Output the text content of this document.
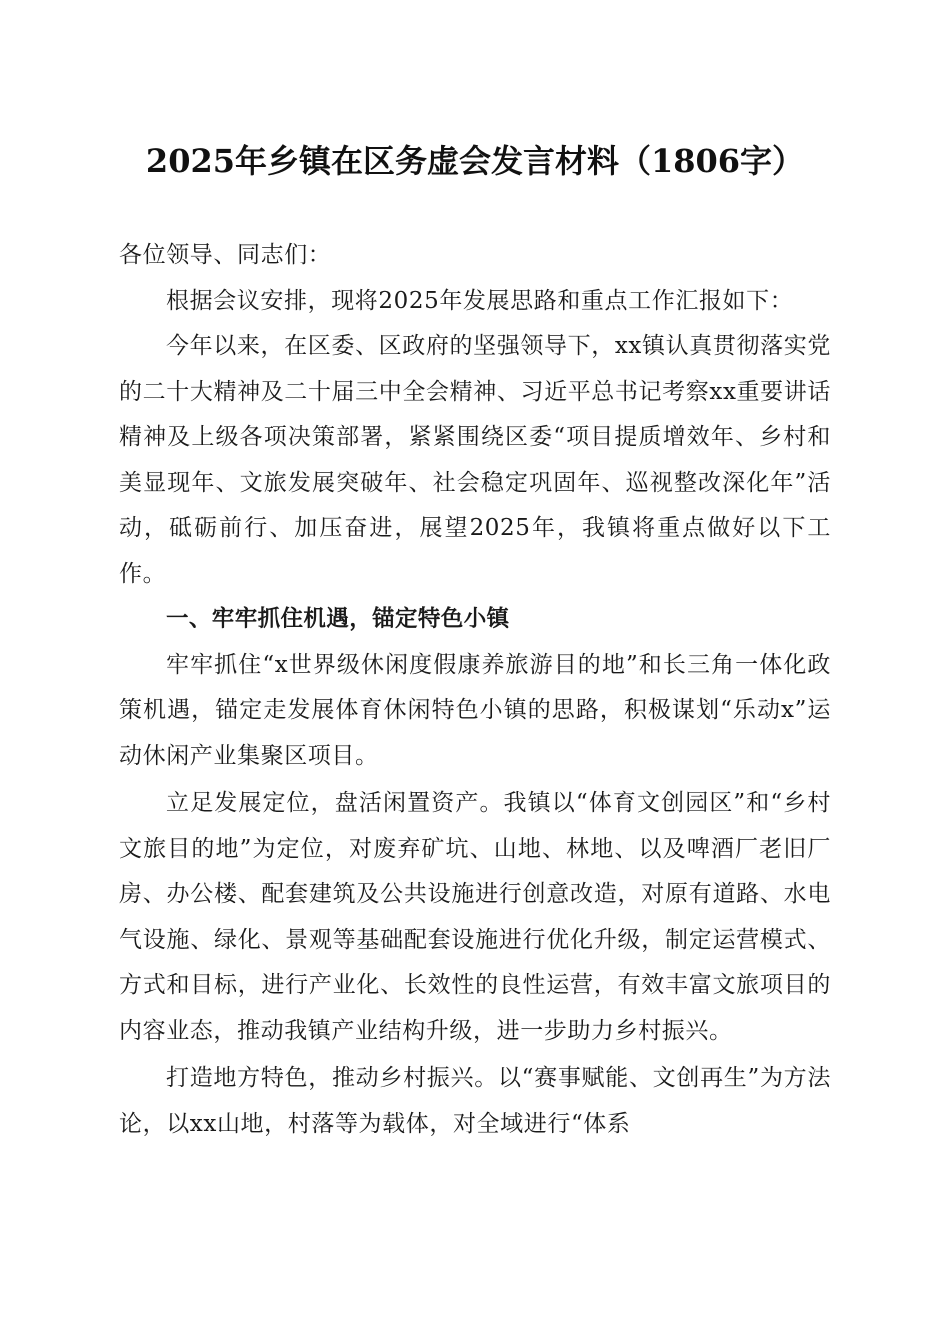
2025年乡镇在区务虚会发言材料（1806字）

各位领导、同志们：

根据会议安排，现将2025年发展思路和重点工作汇报如下：

今年以来，在区委、区政府的坚强领导下，xx镇认真贯彻落实党的二十大精神及二十届三中全会精神、习近平总书记考察xx重要讲话精神及上级各项决策部署，紧紧围绕区委“项目提质增效年、乡村和美显现年、文旅发展突破年、社会稳定巩固年、巡视整改深化年”活动，砥砺前行、加压奋进，展望2025年，我镇将重点做好以下工作。

一、牢牢抓住机遇，锚定特色小镇

牢牢抓住“x世界级休闲度假康养旅游目的地”和长三角一体化政策机遇，锚定走发展体育休闲特色小镇的思路，积极谋划“乐动x”运动休闲产业集聚区项目。

立足发展定位，盘活闲置资产。我镇以“体育文创园区”和“乡村文旅目的地”为定位，对废弃矿坑、山地、林地、以及啤酒厂老旧厂房、办公楼、配套建筑及公共设施进行创意改造，对原有道路、水电气设施、绿化、景观等基础配套设施进行优化升级，制定运营模式、方式和目标，进行产业化、长效性的良性运营，有效丰富文旅项目的内容业态，推动我镇产业结构升级，进一步助力乡村振兴。

打造地方特色，推动乡村振兴。以“赛事赋能、文创再生”为方法论，以xx山地，村落等为载体，对全域进行“体系
